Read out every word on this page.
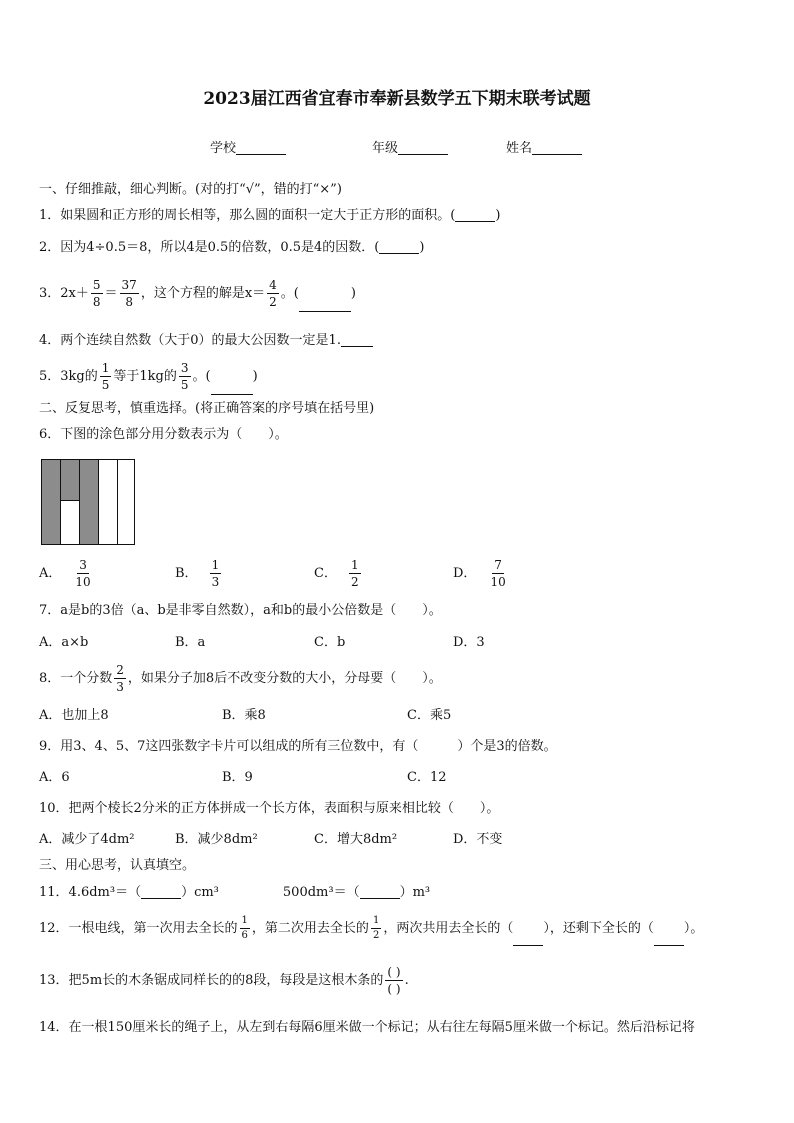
2023届江西省宜春市奉新县数学五下期末联考试题
学校	年级	姓名
一、仔细推敲，细心判断。(对的打“√”，错的打“×”)
1．如果圆和正方形的周长相等，那么圆的面积一定大于正方形的面积。(	)
2．因为4÷0.5＝8，所以4是0.5的倍数，0.5是4的因数．(	)
3．$2x+ \frac{5}{8} = \frac{37}{8}$ ，这个方程的解是$x= \frac{4}{2}$ 。(	)
4．两个连续自然数（大于0）的最大公因数一定是1.
5．3kg的 $\frac{1}{5}$ 等于1kg的 $\frac{3}{5}$ 。(	)
二、反复思考，慎重选择。(将正确答案的序号填在括号里)
6．下图的涂色部分用分数表示为（　　）。
A． $\frac{3}{10}$	B． $\frac{1}{3}$	C． $\frac{1}{2}$	D． $\frac{7}{10}$
7．a是b的3倍（a、b是非零自然数），a和b的最小公倍数是（　　）。
A．a×b	B．a	C．b	D．3
8．一个分数 $\frac{2}{3}$ ，如果分子加8后不改变分数的大小，分母要（　　）。
A．也加上8	B．乘8	C．乘5
9．用3、4、5、7这四张数字卡片可以组成的所有三位数中，有（　　　）个是3的倍数。
A．6	B．9	C．12
10．把两个棱长2分米的正方体拼成一个长方体，表面积与原来相比较（　　）。
A．减少了4dm²	B．减少8dm²	C．增大8dm²	D．不变
三、用心思考，认真填空。
11．4.6dm³＝（	）cm³	500dm³＝（	）m³
12．一根电线，第一次用去全长的 $\frac{1}{6}$ ，第二次用去全长的 $\frac{1}{2}$ ，两次共用去全长的（ ），还剩下全长的（ ）。
13．把5m长的木条锯成同样长的的8段，每段是这根木条的 $\frac{( )}{( )}$ .
14．在一根150厘米长的绳子上，从左到右每隔6厘米做一个标记；从右往左每隔5厘米做一个标记。然后沿标记将
